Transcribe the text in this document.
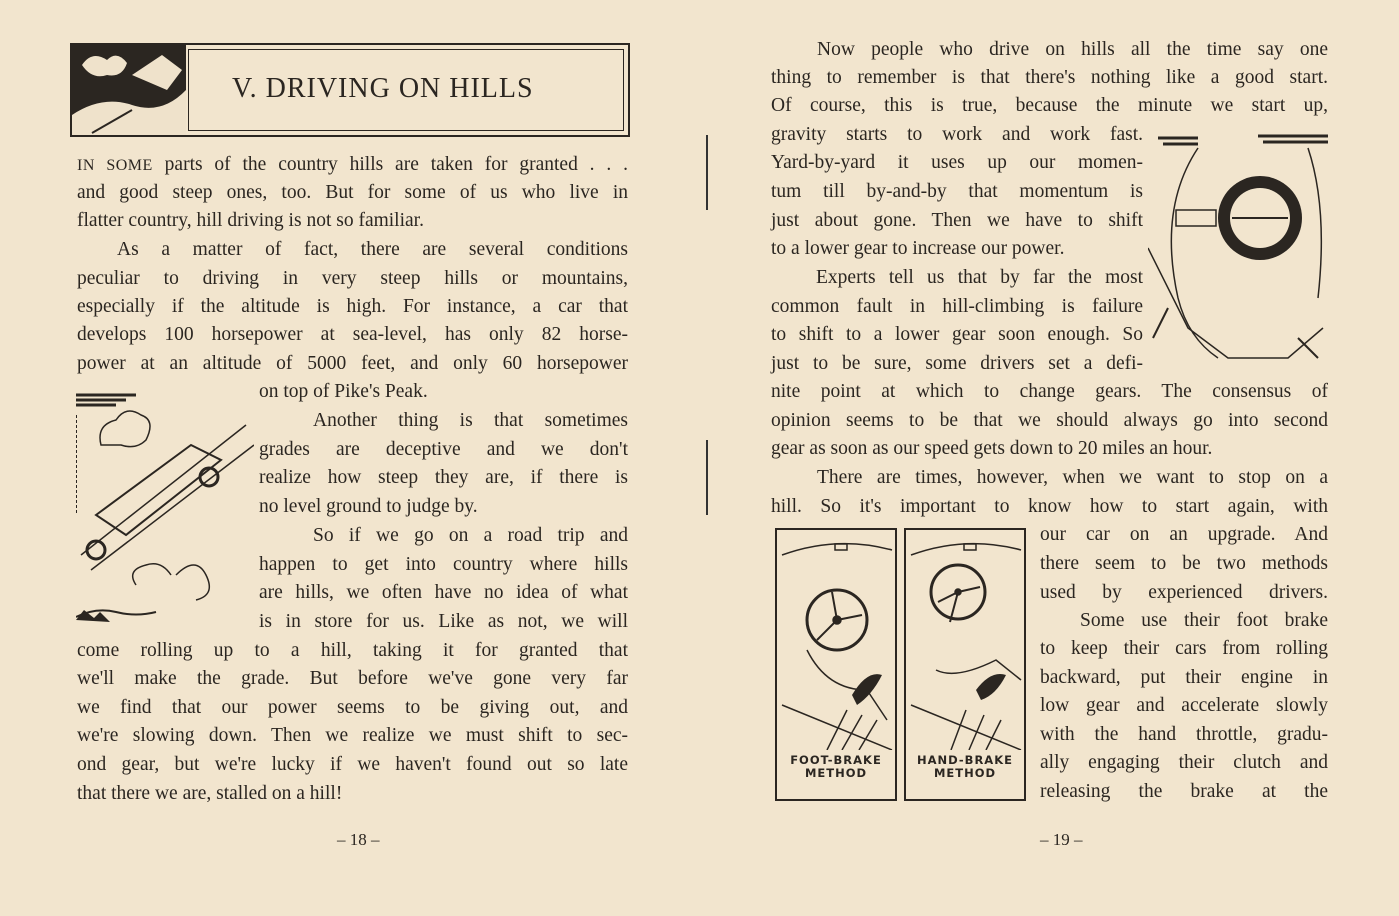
V. DRIVING ON HILLS
IN SOME parts of the country hills are taken for granted . . .
and good steep ones, too. But for some of us who live in
flatter country, hill driving is not so familiar.
As a matter of fact, there are several conditions
peculiar to driving in very steep hills or mountains,
especially if the altitude is high. For instance, a car that
develops 100 horsepower at sea-level, has only 82 horse-
power at an altitude of 5000 feet, and only 60 horsepower
on top of Pike's Peak.
Another thing is that sometimes
grades are deceptive and we don't
realize how steep they are, if there is
no level ground to judge by.
So if we go on a road trip and
happen to get into country where hills
are hills, we often have no idea of what
is in store for us. Like as not, we will
come rolling up to a hill, taking it for granted that
we'll make the grade. But before we've gone very far
we find that our power seems to be giving out, and
we're slowing down. Then we realize we must shift to sec-
ond gear, but we're lucky if we haven't found out so late
that there we are, stalled on a hill!
– 18 –
Now people who drive on hills all the time say one
thing to remember is that there's nothing like a good start.
Of course, this is true, because the minute we start up,
gravity starts to work and work fast.
Yard-by-yard it uses up our momen-
tum till by-and-by that momentum is
just about gone. Then we have to shift
to a lower gear to increase our power.
Experts tell us that by far the most
common fault in hill-climbing is failure
to shift to a lower gear soon enough. So
just to be sure, some drivers set a defi-
nite point at which to change gears. The consensus of
opinion seems to be that we should always go into second
gear as soon as our speed gets down to 20 miles an hour.
There are times, however, when we want to stop on a
hill. So it's important to know how to start again, with
our car on an upgrade. And
there seem to be two methods
used by experienced drivers.
Some use their foot brake
to keep their cars from rolling
backward, put their engine in
low gear and accelerate slowly
with the hand throttle, gradu-
ally engaging their clutch and
releasing the brake at the
FOOT-BRAKE
METHOD
HAND-BRAKE
METHOD
– 19 –
